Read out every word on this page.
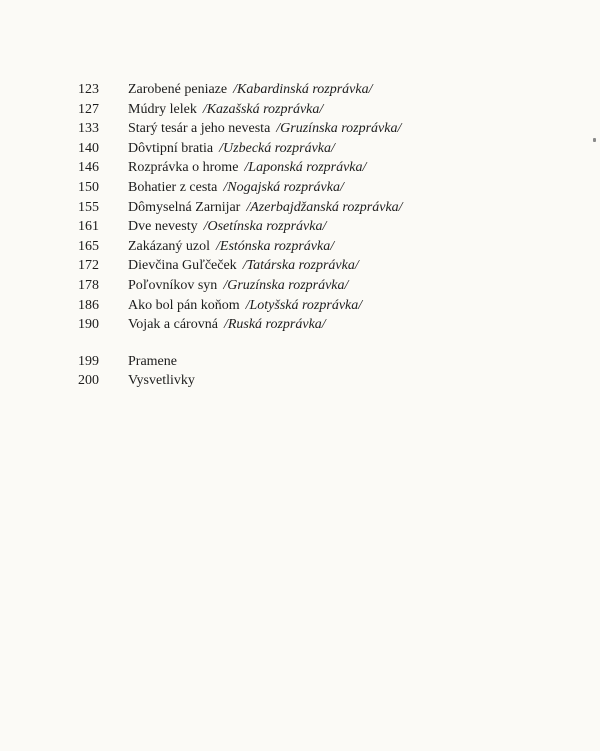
123	Zarobené peniaze /Kabardinská rozprávka/
127	Múdry lelek /Kazašská rozprávka/
133	Starý tesár a jeho nevesta /Gruzínska rozprávka/
140	Dôvtipní bratia /Uzbecká rozprávka/
146	Rozprávka o hrome /Laponská rozprávka/
150	Bohatier z cesta /Nogajská rozprávka/
155	Dômyselná Zarnijar /Azerbajdžanská rozprávka/
161	Dve nevesty /Osetínska rozprávka/
165	Zakázaný uzol /Estónska rozprávka/
172	Dievčina Guľčeček /Tatárska rozprávka/
178	Poľovníkov syn /Gruzínska rozprávka/
186	Ako bol pán koňom /Lotyšská rozprávka/
190	Vojak a cárovná /Ruská rozprávka/
199	Pramene
200	Vysvetlivky
